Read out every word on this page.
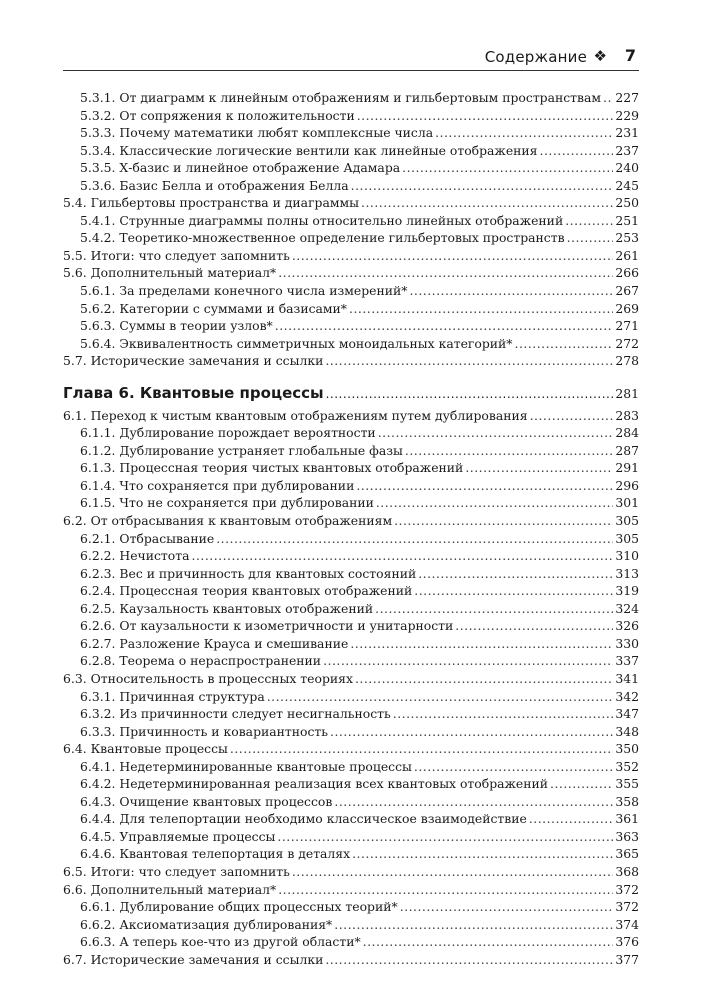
Содержание ❖ 7
5.3.1. От диаграмм к линейным отображениям и гильбертовым пространствам ..... 227
5.3.2. От сопряжения к положительности .....	229
5.3.3. Почему математики любят комплексные числа .....	231
5.3.4. Классические логические вентили как линейные отображения .....	237
5.3.5. Х-базис и линейное отображение Адамара .....	240
5.3.6. Базис Белла и отображения Белла .....	245
5.4. Гильбертовы пространства и диаграммы .....	250
5.4.1. Струнные диаграммы полны относительно линейных отображений .....	251
5.4.2. Теоретико-множественное определение гильбертовых пространств .....	253
5.5. Итоги: что следует запомнить .....	261
5.6. Дополнительный материал* .....	266
5.6.1. За пределами конечного числа измерений* .....	267
5.6.2. Категории с суммами и базисами* .....	269
5.6.3. Суммы в теории узлов* .....	271
5.6.4. Эквивалентность симметричных моноидальных категорий* .....	272
5.7. Исторические замечания и ссылки .....	278
Глава 6. Квантовые процессы .....	281
6.1. Переход к чистым квантовым отображениям путем дублирования .....	283
6.1.1. Дублирование порождает вероятности .....	284
6.1.2. Дублирование устраняет глобальные фазы .....	287
6.1.3. Процессная теория чистых квантовых отображений .....	291
6.1.4. Что сохраняется при дублировании .....	296
6.1.5. Что не сохраняется при дублировании .....	301
6.2. От отбрасывания к квантовым отображениям .....	305
6.2.1. Отбрасывание .....	305
6.2.2. Нечистота .....	310
6.2.3. Вес и причинность для квантовых состояний .....	313
6.2.4. Процессная теория квантовых отображений .....	319
6.2.5. Каузальность квантовых отображений .....	324
6.2.6. От каузальности к изометричности и унитарности .....	326
6.2.7. Разложение Крауса и смешивание .....	330
6.2.8. Теорема о нераспространении .....	337
6.3. Относительность в процессных теориях .....	341
6.3.1. Причинная структура .....	342
6.3.2. Из причинности следует несигнальность .....	347
6.3.3. Причинность и ковариантность .....	348
6.4. Квантовые процессы .....	350
6.4.1. Недетерминированные квантовые процессы .....	352
6.4.2. Недетерминированная реализация всех квантовых отображений .....	355
6.4.3. Очищение квантовых процессов .....	358
6.4.4. Для телепортации необходимо классическое взаимодействие .....	361
6.4.5. Управляемые процессы .....	363
6.4.6. Квантовая телепортация в деталях .....	365
6.5. Итоги: что следует запомнить .....	368
6.6. Дополнительный материал* .....	372
6.6.1. Дублирование общих процессных теорий* .....	372
6.6.2. Аксиоматизация дублирования* .....	374
6.6.3. А теперь кое-что из другой области* .....	376
6.7. Исторические замечания и ссылки .....	377
